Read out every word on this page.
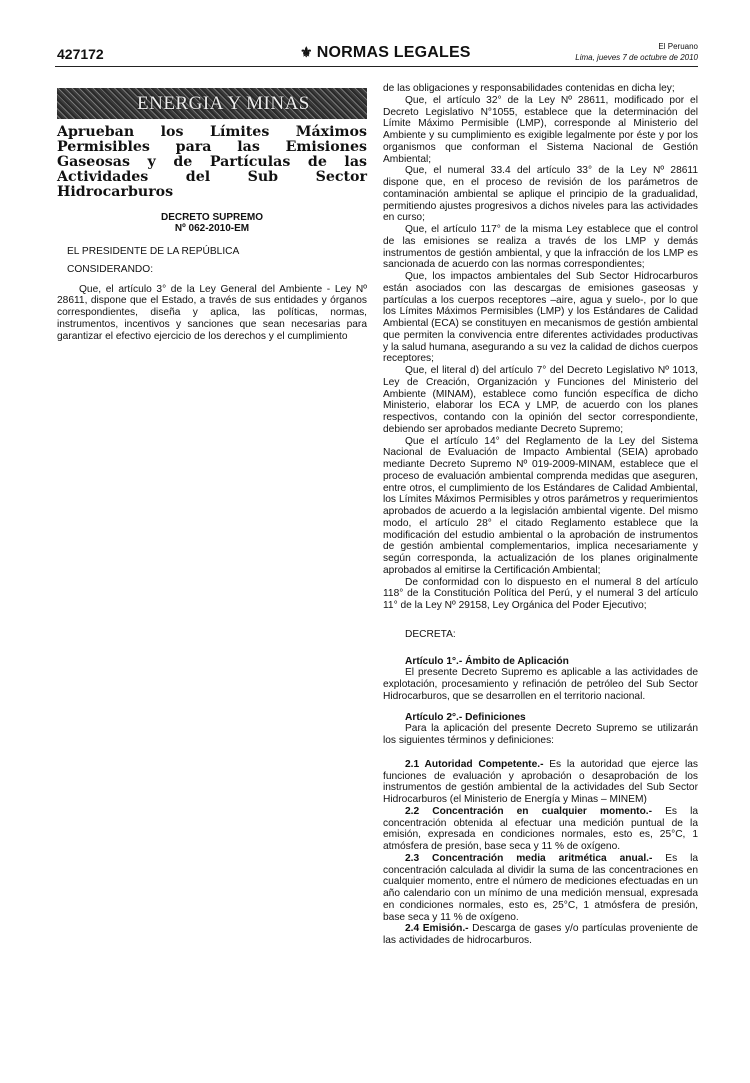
427172	⚜ NORMAS LEGALES	El Peruano
Lima, jueves 7 de octubre de 2010
ENERGIA Y MINAS
Aprueban los Límites Máximos
Permisibles para las Emisiones Gaseosas y de Partículas de las Actividades del Sub Sector Hidrocarburos
DECRETO SUPREMO
Nº 062-2010-EM
EL PRESIDENTE DE LA REPÚBLICA
CONSIDERANDO:

Que, el artículo 3° de la Ley General del Ambiente - Ley Nº 28611, dispone que el Estado, a través de sus entidades y órganos correspondientes, diseña y aplica, las políticas, normas, instrumentos, incentivos y sanciones que sean necesarias para garantizar el efectivo ejercicio de los derechos y el cumplimiento

de las obligaciones y responsabilidades contenidas en dicha ley;

Que, el artículo 32° de la Ley Nº 28611, modificado por el Decreto Legislativo N°1055, establece que la determinación del Límite Máximo Permisible (LMP), corresponde al Ministerio del Ambiente y su cumplimiento es exigible legalmente por éste y por los organismos que conforman el Sistema Nacional de Gestión Ambiental;

Que, el numeral 33.4 del artículo 33° de la Ley Nº 28611 dispone que, en el proceso de revisión de los parámetros de contaminación ambiental se aplique el principio de la gradualidad, permitiendo ajustes progresivos a dichos niveles para las actividades en curso;

Que, el artículo 117° de la misma Ley establece que el control de las emisiones se realiza a través de los LMP y demás instrumentos de gestión ambiental, y que la infracción de los LMP es sancionada de acuerdo con las normas correspondientes;

Que, los impactos ambientales del Sub Sector Hidrocarburos están asociados con las descargas de emisiones gaseosas y partículas a los cuerpos receptores –aire, agua y suelo-, por lo que los Límites Máximos Permisibles (LMP) y los Estándares de Calidad Ambiental (ECA) se constituyen en mecanismos de gestión ambiental que permiten la convivencia entre diferentes actividades productivas y la salud humana, asegurando a su vez la calidad de dichos cuerpos receptores;

Que, el literal d) del artículo 7° del Decreto Legislativo Nº 1013, Ley de Creación, Organización y Funciones del Ministerio del Ambiente (MINAM), establece como función específica de dicho Ministerio, elaborar los ECA y LMP, de acuerdo con los planes respectivos, contando con la opinión del sector correspondiente, debiendo ser aprobados mediante Decreto Supremo;

Que el artículo 14° del Reglamento de la Ley del Sistema Nacional de Evaluación de Impacto Ambiental (SEIA) aprobado mediante Decreto Supremo Nº 019-2009-MINAM, establece que el proceso de evaluación ambiental comprenda medidas que aseguren, entre otros, el cumplimiento de los Estándares de Calidad Ambiental, los Límites Máximos Permisibles y otros parámetros y requerimientos aprobados de acuerdo a la legislación ambiental vigente. Del mismo modo, el artículo 28° el citado Reglamento establece que la modificación del estudio ambiental o la aprobación de instrumentos de gestión ambiental complementarios, implica necesariamente y según corresponda, la actualización de los planes originalmente aprobados al emitirse la Certificación Ambiental;

De conformidad con lo dispuesto en el numeral 8 del artículo 118° de la Constitución Política del Perú, y el numeral 3 del artículo 11° de la Ley Nº 29158, Ley Orgánica del Poder Ejecutivo;

DECRETA:
Artículo 1°.- Ámbito de Aplicación

El presente Decreto Supremo es aplicable a las actividades de explotación, procesamiento y refinación de petróleo del Sub Sector Hidrocarburos, que se desarrollen en el territorio nacional.

Artículo 2°.- Definiciones

Para la aplicación del presente Decreto Supremo se utilizarán los siguientes términos y definiciones:

2.1 Autoridad Competente.- Es la autoridad que ejerce las funciones de evaluación y aprobación o desaprobación de los instrumentos de gestión ambiental de la actividades del Sub Sector Hidrocarburos (el Ministerio de Energía y Minas – MINEM)

2.2 Concentración en cualquier momento.- Es la concentración obtenida al efectuar una medición puntual de la emisión, expresada en condiciones normales, esto es, 25°C, 1 atmósfera de presión, base seca y 11 % de oxígeno.

2.3 Concentración media aritmética anual.- Es la concentración calculada al dividir la suma de las concentraciones en cualquier momento, entre el número de mediciones efectuadas en un año calendario con un mínimo de una medición mensual, expresada en condiciones normales, esto es, 25°C, 1 atmósfera de presión, base seca y 11 % de oxígeno.

2.4 Emisión.- Descarga de gases y/o partículas proveniente de las actividades de hidrocarburos.
